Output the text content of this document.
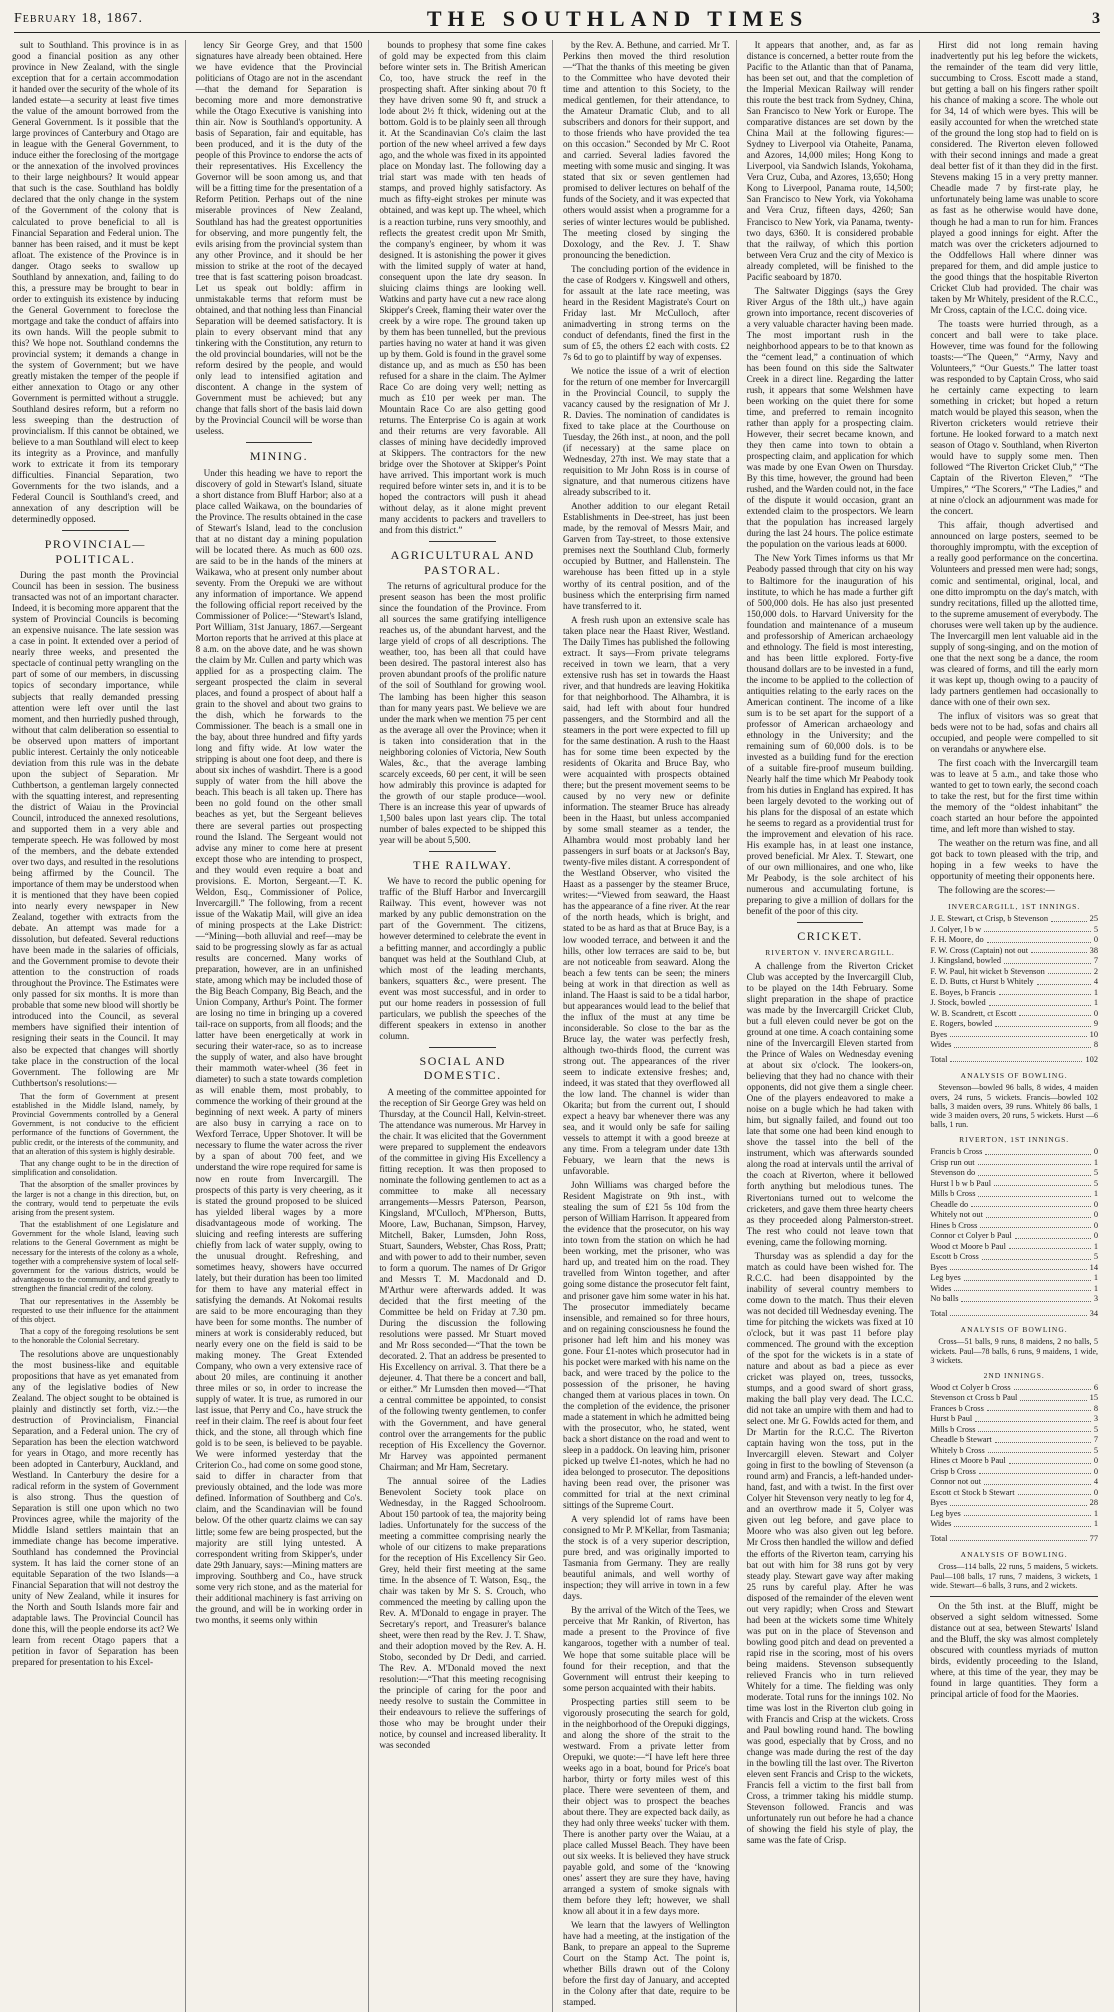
February 18, 1867.	THE SOUTHLAND TIMES	3

sult to Southland. This province is in as good a financial position as any other province in New Zealand, with the single exception that for a certain accommodation it handed over the security of the whole of its landed estate—a security at least five times the value of the amount borrowed from the General Government. Is it possible that the large provinces of Canterbury and Otago are in league with the General Government, to induce either the foreclosing of the mortgage or the annexation of the involved provinces to their large neighbours? It would appear that such is the case. Southland has boldly declared that the only change in the system of the Government of the colony that is calculated to prove beneficial to all is Financial Separation and Federal union. The banner has been raised, and it must be kept afloat. The existence of the Province is in danger. Otago seeks to swallow up Southland by annexation, and, failing to do this, a pressure may be brought to bear in order to extinguish its existence by inducing the General Government to foreclose the mortgage and take the conduct of affairs into its own hands. Will the people submit to this? We hope not. Southland condemns the provincial system; it demands a change in the system of Government; but we have greatly mistaken the temper of the people if either annexation to Otago or any other Government is permitted without a struggle. Southland desires reform, but a reform no less sweeping than the destruction of provincialism. If this cannot be obtained, we believe to a man Southland will elect to keep its integrity as a Province, and manfully work to extricate it from its temporary difficulties. Financial Separation, two Governments for the two islands, and a Federal Council is Southland's creed, and annexation of any description will be determinedly opposed.

PROVINCIAL—POLITICAL.

During the past month the Provincial Council has been in session. The business transacted was not of an important character. Indeed, it is becoming more apparent that the system of Provincial Councils is becoming an expensive nuisance. The late session was a case in point. It extended over a period of nearly three weeks, and presented the spectacle of continual petty wrangling on the part of some of our members, in discussing topics of secondary importance, while subjects that really demanded pressing attention were left over until the last moment, and then hurriedly pushed through, without that calm deliberation so essential to be observed upon matters of important public interest. Certainly the only noticeable deviation from this rule was in the debate upon the subject of Separation. Mr Cuthbertson, a gentleman largely connected with the squatting interest, and representing the district of Waiau in the Provincial Council, introduced the annexed resolutions, and supported them in a very able and temperate speech. He was followed by most of the members, and the debate extended over two days, and resulted in the resolutions being affirmed by the Council. The importance of them may be understood when it is mentioned that they have been copied into nearly every newspaper in New Zealand, together with extracts from the debate. An attempt was made for a dissolution, but defeated. Several reductions have been made in the salaries of officials, and the Government promise to devote their attention to the construction of roads throughout the Province. The Estimates were only passed for six months. It is more than probable that some new blood will shortly be introduced into the Council, as several members have signified their intention of resigning their seats in the Council. It may also be expected that changes will shortly take place in the construction of the local Government. The following are Mr Cuthbertson's resolutions:—

That the form of Government at present established in the Middle Island, namely, by Provincial Governments controlled by a General Government, is not conducive to the efficient performance of the functions of Government, the public credit, or the interests of the community, and that an alteration of this system is highly desirable.

That any change ought to be in the direction of simplification and consolidation.

That the absorption of the smaller provinces by the larger is not a change in this direction, but, on the contrary, would tend to perpetuate the evils arising from the present system.

That the establishment of one Legislature and Government for the whole Island, leaving such relations to the General Government as might be necessary for the interests of the colony as a whole, together with a comprehensive system of local self-government for the various districts, would be advantageous to the community, and tend greatly to strengthen the financial credit of the colony.

That our representatives in the Assembly be requested to use their influence for the attainment of this object.

That a copy of the foregoing resolutions be sent to the honorable the Colonial Secretary.

The resolutions above are unquestionably the most business-like and equitable propositions that have as yet emanated from any of the legislative bodies of New Zealand. The object sought to be obtained is plainly and distinctly set forth, viz.:—the destruction of Provincialism, Financial Separation, and a Federal union. The cry of Separation has been the election watchword for years in Otago, and more recently has been adopted in Canterbury, Auckland, and Westland. In Canterbury the desire for a radical reform in the system of Government is also strong. Thus the question of Separation is still one upon which no two Provinces agree, while the majority of the Middle Island settlers maintain that an immediate change has become imperative. Southland has condemned the Provincial system. It has laid the corner stone of an equitable Separation of the two Islands—a Financial Separation that will not destroy the unity of New Zealand, while it insures for the North and South Islands more fair and adaptable laws. The Provincial Council has done this, will the people endorse its act? We learn from recent Otago papers that a petition in favor of Separation has been prepared for presentation to his Excel-

lency Sir George Grey, and that 1500 signatures have already been obtained. Here we have evidence that the Provincial politicians of Otago are not in the ascendant—that the demand for Separation is becoming more and more demonstrative while the Otago Executive is vanishing into thin air. Now is Southland's opportunity. A basis of Separation, fair and equitable, has been produced, and it is the duty of the people of this Province to endorse the acts of their representatives. His Excellency the Governor will be soon among us, and that will be a fitting time for the presentation of a Reform Petition. Perhaps out of the nine miserable provinces of New Zealand, Southland has had the greatest opportunities for observing, and more pungently felt, the evils arising from the provincial system than any other Province, and it should be her mission to strike at the root of the decayed tree that is fast scattering poison broadcast. Let us speak out boldly: affirm in unmistakable terms that reform must be obtained, and that nothing less than Financial Separation will be deemed satisfactory. It is plain to every observant mind that any tinkering with the Constitution, any return to the old provincial boundaries, will not be the reform desired by the people, and would only lead to intensified agitation and discontent. A change in the system of Government must be achieved; but any change that falls short of the basis laid down by the Provincial Council will be worse than useless.

MINING.

Under this heading we have to report the discovery of gold in Stewart's Island, situate a short distance from Bluff Harbor; also at a place called Waikawa, on the boundaries of the Province. The results obtained in the case of Stewart's Island, lead to the conclusion that at no distant day a mining population will be located there. As much as 600 ozs. are said to be in the hands of the miners at Waikawa, who at present only number about seventy. From the Orepuki we are without any information of importance. We append the following official report received by the Commissioner of Police:—“Stewart's Island, Port William, 31st January, 1867.—Sergeant Morton reports that he arrived at this place at 8 a.m. on the above date, and he was shown the claim by Mr. Cullen and party which was applied for as a prospecting claim. The sergeant prospected the claim in several places, and found a prospect of about half a grain to the shovel and about two grains to the dish, which he forwards to the Commissioner. The beach is a small one in the bay, about three hundred and fifty yards long and fifty wide. At low water the stripping is about one foot deep, and there is about six inches of washdirt. There is a good supply of water from the hill above the beach. This beach is all taken up. There has been no gold found on the other small beaches as yet, but the Sergeant believes there are several parties out prospecting round the Island. The Sergeant would not advise any miner to come here at present except those who are intending to prospect, and they would even require a boat and provisions. E. Morton, Sergeant.—T. K. Weldon, Esq., Commissioner of Police, Invercargill.” The following, from a recent issue of the Wakatip Mail, will give an idea of mining prospects at the Lake District:—“Mining—both alluvial and reef—may be said to be progressing slowly as far as actual results are concerned. Many works of preparation, however, are in an unfinished state, among which may be included those of the Big Beach Company, Big Beach, and the Union Company, Arthur's Point. The former are losing no time in bringing up a covered tail-race on supports, from all floods; and the latter have been energetically at work in securing their water-race, so as to increase the supply of water, and also have brought their mammoth water-wheel (36 feet in diameter) to such a state towards completion as will enable them, most probably, to commence the working of their ground at the beginning of next week. A party of miners are also busy in carrying a race on to Wexford Terrace, Upper Shotover. It will be necessary to flume the water across the river by a span of about 700 feet, and we understand the wire rope required for same is now en route from Invercargill. The prospects of this party is very cheering, as it is stated the ground proposed to be sluiced has yielded liberal wages by a more disadvantageous mode of working. The sluicing and reefing interests are suffering chiefly from lack of water supply, owing to the unusual drought. Refreshing, and sometimes heavy, showers have occurred lately, but their duration has been too limited for them to have any material effect in satisfying the demands. At Nokomai results are said to be more encouraging than they have been for some months. The number of miners at work is considerably reduced, but nearly every one on the field is said to be making money. The Great Extended Company, who own a very extensive race of about 20 miles, are continuing it another three miles or so, in order to increase the supply of water. It is true, as rumored in our last issue, that Perry and Co., have struck the reef in their claim. The reef is about four feet thick, and the stone, all through which fine gold is to be seen, is believed to be payable. We were informed yesterday that the Criterion Co., had come on some good stone, said to differ in character from that previously obtained, and the lode was more defined. Information of Southberg and Co's. claim, and the Scandinavian will be found below. Of the other quartz claims we can say little; some few are being prospected, but the majority are still lying untested. A correspondent writing from Skipper's, under date 29th January, says:—Mining matters are improving. Southberg and Co., have struck some very rich stone, and as the material for their additional machinery is fast arriving on the ground, and will be in working order in two months, it seems only within

bounds to prophesy that some fine cakes of gold may be expected from this claim before winter sets in. The British American Co, too, have struck the reef in the prospecting shaft. After sinking about 70 ft they have driven some 90 ft, and struck a lode about 2½ ft thick, widening out at the bottom. Gold is to be plainly seen all through it. At the Scandinavian Co's claim the last portion of the new wheel arrived a few days ago, and the whole was fixed in its appointed place on Monday last. The following day a trial start was made with ten heads of stamps, and proved highly satisfactory. As much as fifty-eight strokes per minute was obtained, and was kept up. The wheel, which is a reaction turbine, runs very smoothly, and reflects the greatest credit upon Mr Smith, the company's engineer, by whom it was designed. It is astonishing the power it gives with the limited supply of water at hand, consequent upon the late dry season. In sluicing claims things are looking well. Watkins and party have cut a new race along Skipper's Creek, flaming their water over the creek by a wire rope. The ground taken up by them has been tunnelled, but the previous parties having no water at hand it was given up by them. Gold is found in the gravel some distance up, and as much as £50 has been refused for a share in the claim. The Aylmer Race Co are doing very well; netting as much as £10 per week per man. The Mountain Race Co are also getting good returns. The Enterprise Co is again at work and their returns are very favorable. All classes of mining have decidedly improved at Skippers. The contractors for the new bridge over the Shotover at Skipper's Point have arrived. This important work is much required before winter sets in, and it is to be hoped the contractors will push it ahead without delay, as it alone might prevent many accidents to packers and travellers to and from this district.”

AGRICULTURAL AND PASTORAL.

The returns of agricultural produce for the present season has been the most prolific since the foundation of the Province. From all sources the same gratifying intelligence reaches us, of the abundant harvest, and the large yield of crops of all descriptions. The weather, too, has been all that could have been desired. The pastoral interest also has proven abundant proofs of the prolific nature of the soil of Southland for growing wool. The lambing has been higher this season than for many years past. We believe we are under the mark when we mention 75 per cent as the average all over the Province; when it is taken into consideration that in the neighboring colonies of Victoria, New South Wales, &c., that the average lambing scarcely exceeds, 60 per cent, it will be seen how admirably this province is adapted for the growth of our staple produce—wool. There is an increase this year of upwards of 1,500 bales upon last years clip. The total number of bales expected to be shipped this year will be about 5,500.

THE RAILWAY.

We have to record the public opening for traffic of the Bluff Harbor and Invercargill Railway. This event, however was not marked by any public demonstration on the part of the Government. The citizens, however determined to celebrate the event in a befitting manner, and accordingly a public banquet was held at the Southland Club, at which most of the leading merchants, bankers, squatters &c., were present. The event was most successful, and in order to put our home readers in possession of full particulars, we publish the speeches of the different speakers in extenso in another column.

SOCIAL AND DOMESTIC.

A meeting of the committee appointed for the reception of Sir George Grey was held on Thursday, at the Council Hall, Kelvin-street. The attendance was numerous. Mr Harvey in the chair. It was elicited that the Government were prepared to supplement the endeavors of the committee in giving His Excellency a fitting reception. It was then proposed to nominate the following gentlemen to act as a committee to make all necessary arrangements—Messrs Paterson, Pearson, Kingsland, M'Culloch, M'Pherson, Butts, Moore, Law, Buchanan, Simpson, Harvey, Mitchell, Baker, Lumsden, John Ross, Stuart, Saunders, Webster, Chas Ross, Pratt; and with power to add to their number, seven to form a quorum. The names of Dr Grigor and Messrs T. M. Macdonald and D. M'Arthur were afterwards added. It was decided that the first meeting of the Committee be held on Friday at 7.30 pm. During the discussion the following resolutions were passed. Mr Stuart moved and Mr Ross seconded—“That the town be decorated. 2. That an address be presented to His Excellency on arrival. 3. That there be a dejeuner. 4. That there be a concert and ball, or either.” Mr Lumsden then moved—“That a central committee be appointed, to consist of the following twenty gentlemen, to confer with the Government, and have general control over the arrangements for the public reception of His Excellency the Governor. Mr Harvey was appointed permanent Chairman; and Mr Ham, Secretary.

The annual soiree of the Ladies Benevolent Society took place on Wednesday, in the Ragged Schoolroom. About 150 partook of tea, the majority being ladies. Unfortunately for the success of the meeting a committee comprising nearly the whole of our citizens to make preparations for the reception of His Excellency Sir Geo. Grey, held their first meeting at the same time. In the absence of T. Watson, Esq., the chair was taken by Mr S. S. Crouch, who commenced the meeting by calling upon the Rev. A. M'Donald to engage in prayer. The Secretary's report, and Treasurer's balance sheet, were then read by the Rev. J. T. Shaw, and their adoption moved by the Rev. A. H. Stobo, seconded by Dr Dedi, and carried. The Rev. A. M'Donald moved the next resolution:—“That this meeting recognising the principle of caring for the poor and needy resolve to sustain the Committee in their endeavours to relieve the sufferings of those who may be brought under their notice, by counsel and increased liberality. It was seconded

by the Rev. A. Bethune, and carried. Mr T. Perkins then moved the third resolution—“That the thanks of this meeting be given to the Committee who have devoted their time and attention to this Society, to the medical gentlemen, for their attendance, to the Amateur Dramatic Club, and to all subscribers and donors for their support, and to those friends who have provided the tea on this occasion.” Seconded by Mr C. Root and carried. Several ladies favored the meeting with some music and singing. It was stated that six or seven gentlemen had promised to deliver lectures on behalf of the funds of the Society, and it was expected that others would assist when a programme for a series of winter lectures would be published. The meeting closed by singing the Doxology, and the Rev. J. T. Shaw pronouncing the benediction.

The concluding portion of the evidence in the case of Rodgers v. Kingswell and others, for assault at the late race meeting, was heard in the Resident Magistrate's Court on Friday last. Mr McCulloch, after animadverting in strong terms on the conduct of defendants, fined the first in the sum of £5, the others £2 each with costs. £2 7s 6d to go to plaintiff by way of expenses.

We notice the issue of a writ of election for the return of one member for Invercargill in the Provincial Council, to supply the vacancy caused by the resignation of Mr J. R. Davies. The nomination of candidates is fixed to take place at the Courthouse on Tuesday, the 26th inst., at noon, and the poll (if necessary) at the same place on Wednesday, 27th inst. We may state that a requisition to Mr John Ross is in course of signature, and that numerous citizens have already subscribed to it.

Another addition to our elegant Retail Establishments in Dee-street, has just been made, by the removal of Messrs Mair, and Garven from Tay-street, to those extensive premises next the Southland Club, formerly occupied by Buttner, and Hallenstein. The warehouse has been fitted up in a style worthy of its central position, and of the business which the enterprising firm named have transferred to it.

A fresh rush upon an extensive scale has taken place near the Haast River, Westland. The Daily Times has published the following extract. It says—From private telegrams received in town we learn, that a very extensive rush has set in towards the Haast river, and that hundreds are leaving Hokitika for that neighborhood. The Alhambra, it is said, had left with about four hundred passengers, and the Stormbird and all the steamers in the port were expected to fill up for the same destination. A rush to the Haast has for some time been expected by the residents of Okarita and Bruce Bay, who were acquainted with prospects obtained there; but the present movement seems to be caused by no very new or definite information. The steamer Bruce has already been in the Haast, but unless accompanied by some small steamer as a tender, the Alhambra would most probably land her passengers in surf boats or at Jackson's Bay, twenty-five miles distant. A correspondent of the Westland Observer, who visited the Haast as a passenger by the steamer Bruce, writes:—“Viewed from seaward, the Haast has the appearance of a fine river. At the rear of the north heads, which is bright, and stated to be as hard as that at Bruce Bay, is a low wooded terrace, and between it and the hills, other low terraces are said to be, but are not noticeable from seaward. Along the beach a few tents can be seen; the miners being at work in that direction as well as inland. The Haast is said to be a tidal harbor, but appearances would lead to the belief that the influx of the must at any time be inconsiderable. So close to the bar as the Bruce lay, the water was perfectly fresh, although two-thirds flood, the current was strong out. The appearances of the river seem to indicate extensive freshes; and, indeed, it was stated that they overflowed all the low land. The channel is wider than Okarita; but from the current out, I should expect a heavy bar whenever there was any sea, and it would only be safe for sailing vessels to attempt it with a good breeze at any time. From a telegram under date 13th Febuary, we learn that the news is unfavorable.

John Williams was charged before the Resident Magistrate on 9th inst., with stealing the sum of £21 5s 10d from the person of William Harrison. It appeared from the evidence that the prosecutor, on his way into town from the station on which he had been working, met the prisoner, who was hard up, and treated him on the road. They travelled from Winton together, and after going some distance the prosecutor felt faint, and prisoner gave him some water in his hat. The prosecutor immediately became insensible, and remained so for three hours, and on regaining consciousness he found the prisoner had left him and his money was gone. Four £1-notes which prosecutor had in his pocket were marked with his name on the back, and were traced by the police to the possession of the prisoner, he having changed them at various places in town. On the completion of the evidence, the prisoner made a statement in which he admitted being with the prosecutor, who, he stated, went back a short distance on the road and went to sleep in a paddock. On leaving him, prisoner picked up twelve £1-notes, which he had no idea belonged to prosecutor. The depositions having been read over, the prisoner was committed for trial at the next criminal sittings of the Supreme Court.

A very splendid lot of rams have been consigned to Mr P. M'Kellar, from Tasmania; the stock is of a very superior description, pure bred, and was originally imported to Tasmania from Germany. They are really beautiful animals, and well worthy of inspection; they will arrive in town in a few days.

By the arrival of the Witch of the Tees, we perceive that Mr Rankin, of Riverton, has made a present to the Province of five kangaroos, together with a number of teal. We hope that some suitable place will be found for their reception, and that the Government will entrust their keeping to some person acquainted with their habits.

Prospecting parties still seem to be vigorously prosecuting the search for gold, in the neighborhood of the Orepuki diggings, and along the shore of the strait to the westward. From a private letter from Orepuki, we quote:—“I have left here three weeks ago in a boat, bound for Price's boat harbor, thirty or forty miles west of this place. There were seventeen of them, and their object was to prospect the beaches about there. They are expected back daily, as they had only three weeks' tucker with them. There is another party over the Waiau, at a place called Mussel Beach. They have been out six weeks. It is believed they have struck payable gold, and some of the ‘knowing ones’ assert they are sure they have, having arranged a system of smoke signals with them before they left; however, we shall know all about it in a few days more.

We learn that the lawyers of Wellington have had a meeting, at the instigation of the Bank, to prepare an appeal to the Supreme Court on the Stamp Act. The point is, whether Bills drawn out of the Colony before the first day of January, and accepted in the Colony after that date, require to be stamped.

It appears that another, and, as far as distance is concerned, a better route from the Pacific to the Atlantic than that of Panama, has been set out, and that the completion of the Imperial Mexican Railway will render this route the best track from Sydney, China, San Francisco to New York or Europe. The comparative distances are set down by the China Mail at the following figures:—Sydney to Liverpool via Otaheite, Panama, and Azores, 14,000 miles; Hong Kong to Liverpool, via Sandwich Islands, Yokohama, Vera Cruz, Cuba, and Azores, 13,650; Hong Kong to Liverpool, Panama route, 14,500; San Francisco to New York, via Yokohama and Vera Cruz, fifteen days, 4260; San Francisco to New York, via Panama, twenty-two days, 6360. It is considered probable that the railway, of which this portion between Vera Cruz and the city of Mexico is already completed, will be finished to the Pacific seaboard by 1870.

The Saltwater Diggings (says the Grey River Argus of the 18th ult.,) have again grown into importance, recent discoveries of a very valuable character having been made. The most important rush in the neighborhood appears to be to that known as the “cement lead,” a continuation of which has been found on this side the Saltwater Creek in a direct line. Regarding the latter rush, it appears that some Welshmen have been working on the quiet there for some time, and preferred to remain incognito rather than apply for a prospecting claim. However, their secret became known, and they then came into town to obtain a prospecting claim, and application for which was made by one Evan Owen on Thursday. By this time, however, the ground had been rushed, and the Warden could not, in the face of the dispute it would occasion, grant an extended claim to the prospectors. We learn that the population has increased largely during the last 24 hours. The police estimate the population on the various leads at 6000.

The New York Times informs us that Mr Peabody passed through that city on his way to Baltimore for the inauguration of his institute, to which he has made a further gift of 500,000 dols. He has also just presented 150,000 dols. to Harvard University for the foundation and maintenance of a museum and professorship of American archaeology and ethnology. The field is most interesting, and has been little explored. Forty-five thousand dollars are to be invested in a fund, the income to be applied to the collection of antiquities relating to the early races on the American continent. The income of a like sum is to be set apart for the support of a professor of American archaeology and ethnology in the University; and the remaining sum of 60,000 dols. is to be invested as a building fund for the erection of a suitable fire-proof museum building. Nearly half the time which Mr Peabody took from his duties in England has expired. It has been largely devoted to the working out of his plans for the disposal of an estate which he seems to regard as a providential trust for the improvement and elevation of his race. His example has, in at least one instance, proved beneficial. Mr Alex. T. Stewart, one of our own millionaires, and one who, like Mr Peabody, is the sole architect of his numerous and accumulating fortune, is preparing to give a million of dollars for the benefit of the poor of this city.

CRICKET.
RIVERTON V. INVERCARGILL.

A challenge from the Riverton Cricket Club was accepted by the Invercargill Club, to be played on the 14th February. Some slight preparation in the shape of practice was made by the Invercargill Cricket Club, but a full eleven could never be got on the ground at one time. A coach containing some nine of the Invercargill Eleven started from the Prince of Wales on Wednesday evening at about six o'clock. The lookers-on, believing that they had no chance with their opponents, did not give them a single cheer. One of the players endeavored to make a noise on a bugle which he had taken with him, but signally failed, and found out too late that some one had been kind enough to shove the tassel into the bell of the instrument, which was afterwards sounded along the road at intervals until the arrival of the coach at Riverton, where it bellowed forth anything but melodious tunes. The Rivertonians turned out to welcome the cricketers, and gave them three hearty cheers as they proceeded along Palmerston-street. The rest who could not leave town that evening, came the following morning.

Thursday was as splendid a day for the match as could have been wished for. The R.C.C. had been disappointed by the inability of several country members to come down to the match. Thus their eleven was not decided till Wednesday evening. The time for pitching the wickets was fixed at 10 o'clock, but it was past 11 before play commenced. The ground with the exception of the spot for the wickets is in a state of nature and about as bad a piece as ever cricket was played on, trees, tussocks, stumps, and a good sward of short grass, making the ball play very dead. The I.C.C. did not take an umpire with them and had to select one. Mr G. Fowlds acted for them, and Dr Martin for the R.C.C. The Riverton captain having won the toss, put in the Invercargill eleven. Stewart and Colyer going in first to the bowling of Stevenson (a round arm) and Francis, a left-handed under-hand, fast, and with a twist. In the first over Colyer hit Stevenson very neatly to leg for 4, and an overthrow made it 5, Colyer was given out leg before, and gave place to Moore who was also given out leg before. Mr Cross then handled the willow and defied the efforts of the Riverton team, carrying his bat out with him for 38 runs got by very steady play. Stewart gave way after making 25 runs by careful play. After he was disposed of the remainder of the eleven went out very rapidly; when Cross and Stewart had been at the wickets some time Whitely was put on in the place of Stevenson and bowling good pitch and dead on prevented a rapid rise in the scoring, most of his overs being maidens. Stevenson subsequently relieved Francis who in turn relieved Whitely for a time. The fielding was only moderate. Total runs for the innings 102. No time was lost in the Riverton club going in with Francis and Crisp at the wickets. Cross and Paul bowling round hand. The bowling was good, especially that by Cross, and no change was made during the rest of the day in the bowling till the last over. The Riverton eleven sent Francis and Crisp to the wickets, Francis fell a victim to the first ball from Cross, a trimmer taking his middle stump. Stevenson followed. Francis and was unfortunately run out before he had a chance of showing the field his style of play, the same was the fate of Crisp.

Hirst did not long remain having inadvertently put his leg before the wickets, the remainder of the team did very little, succumbing to Cross. Escott made a stand, but getting a ball on his fingers rather spoilt his chance of making a score. The whole out for 34, 14 of which were byes. This will be easily accounted for when the wretched state of the ground the long stop had to field on is considered. The Riverton eleven followed with their second innings and made a great deal better fist of it than they did in the first. Stevens making 15 in a very pretty manner. Cheadle made 7 by first-rate play, he unfortunately being lame was unable to score as fast as he otherwise would have done, though he had a man to run for him. Frances played a good innings for eight. After the match was over the cricketers adjourned to the Oddfellows Hall where dinner was prepared for them, and did ample justice to the good things that the hospitable Riverton Cricket Club had provided. The chair was taken by Mr Whitely, president of the R.C.C., Mr Cross, captain of the I.C.C. doing vice.

The toasts were hurried through, as a concert and ball were to take place. However, time was found for the following toasts:—“The Queen,” “Army, Navy and Volunteers,” “Our Guests.” The latter toast was responded to by Captain Cross, who said he certainly came expecting to learn something in cricket; but hoped a return match would be played this season, when the Riverton cricketers would retrieve their fortune. He looked forward to a match next season of Otago v. Southland, when Riverton would have to supply some men. Then followed “The Riverton Cricket Club,” “The Captain of the Riverton Eleven,” “The Umpires,” “The Scorers,” “The Ladies,” and at nine o'clock an adjournment was made for the concert.

This affair, though advertised and announced on large posters, seemed to be thoroughly impromptu, with the exception of a really good performance on the concertina. Volunteers and pressed men were had; songs, comic and sentimental, original, local, and one ditto impromptu on the day's match, with sundry recitations, filled up the allotted time, to the supreme amusement of everybody. The choruses were well taken up by the audience. The Invercargill men lent valuable aid in the supply of song-singing, and on the motion of one that the next song be a dance, the room was cleared of forms, and till the early morn it was kept up, though owing to a paucity of lady partners gentlemen had occasionally to dance with one of their own sex.

The influx of visitors was so great that beds were not to be had, sofas and chairs all occupied, and people were compelled to sit on verandahs or anywhere else.

The first coach with the Invercargill team was to leave at 5 a.m., and take those who wanted to get to town early, the second coach to take the rest, but for the first time within the memory of the “oldest inhabitant” the coach started an hour before the appointed time, and left more than wished to stay.

The weather on the return was fine, and all got back to town pleased with the trip, and hoping in a few weeks to have the opportunity of meeting their opponents here.

The following are the scores:—

INVERCARGILL, 1ST INNINGS.
J. E. Stewart, ct Crisp, b Stevenson	25
J. Colyer, l b w	5
F. H. Moore, do	0
F. W. Cross (Captain) not out	38
J. Kingsland, bowled	7
F. W. Paul, hit wicket b Stevenson	2
E. D. Butts, ct Hurst b Whitely	4
E. Boyes, b Francis	1
J. Stock, bowled	1
W. B. Scandrett, ct Escott	0
E. Rogers, bowled	9
Byes	10
Wides	8
Total	102
ANALYSIS OF BOWLING.

Stevenson—bowled 96 balls, 8 wides, 4 maiden overs, 24 runs, 5 wickets. Francis—bowled 102 balls, 3 maiden overs, 39 runs. Whitely 86 balls, 1 wide 3 maiden overs, 20 runs, 5 wickets. Hurst —6 balls, 1 run.

RIVERTON, 1ST INNINGS.
Francis b Cross	0
Crisp run out	1
Stevenson do	5
Hurst l b w b Paul	5
Mills b Cross	1
Cheadle do	0
Whitely not out	0
Hines b Cross	0
Connor ct Colyer b Paul	0
Wood ct Moore b Paul	1
Escott b Cross	5
Byes	14
Leg byes	1
Wides	1
No balls	3
Total	34
ANALYSIS OF BOWLING.

Cross—51 balls, 9 runs, 8 maidens, 2 no balls, 5 wickets. Paul—78 balls, 6 runs, 9 maidens, 1 wide, 3 wickets.

2ND INNINGS.
Wood ct Colyer b Cross	6
Stevenson ct Cross b Paul	15
Frances b Cross	8
Hurst b Paul	3
Mills b Cross	5
Cheadle b Stewart	7
Whitely b Cross	5
Hines ct Moore b Paul	0
Crisp b Cross	0
Connor not out	4
Escott ct Stock b Stewart	0
Byes	28
Leg byes	1
Wides	1
Total	77
ANALYSIS OF BOWLING.

Cross—114 balls, 22 runs, 5 maidens, 5 wickets. Paul—108 balls, 17 runs, 7 maidens, 3 wickets, 1 wide. Stewart—6 balls, 3 runs, and 2 wickets.

On the 5th inst. at the Bluff, might be observed a sight seldom witnessed. Some distance out at sea, between Stewarts' Island and the Bluff, the sky was almost completely obscured with countless myriads of mutton birds, evidently proceeding to the Island, where, at this time of the year, they may be found in large quantities. They form a principal article of food for the Maories.
